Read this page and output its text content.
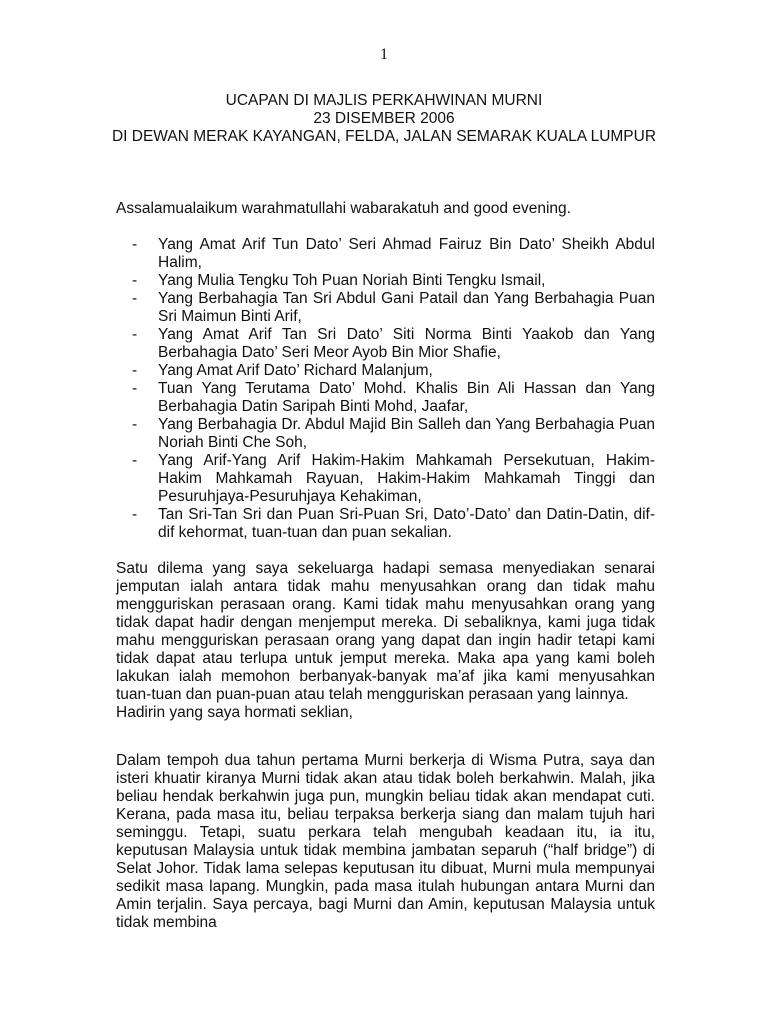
1
UCAPAN DI MAJLIS PERKAHWINAN MURNI
23 DISEMBER 2006
DI DEWAN MERAK KAYANGAN, FELDA, JALAN SEMARAK KUALA LUMPUR
Assalamualaikum warahmatullahi wabarakatuh and good evening.
- Yang Amat Arif Tun Dato’ Seri Ahmad Fairuz Bin Dato’ Sheikh Abdul Halim,
- Yang Mulia Tengku Toh Puan Noriah Binti Tengku Ismail,
- Yang Berbahagia Tan Sri Abdul Gani Patail dan Yang Berbahagia Puan Sri Maimun Binti Arif,
- Yang Amat Arif Tan Sri Dato’ Siti Norma Binti Yaakob dan Yang Berbahagia Dato’ Seri Meor Ayob Bin Mior Shafie,
- Yang Amat Arif Dato’ Richard Malanjum,
- Tuan Yang Terutama Dato’ Mohd. Khalis Bin Ali Hassan dan Yang Berbahagia Datin Saripah Binti Mohd, Jaafar,
- Yang Berbahagia Dr. Abdul Majid Bin Salleh dan Yang Berbahagia Puan Noriah Binti Che Soh,
- Yang Arif-Yang Arif Hakim-Hakim Mahkamah Persekutuan, Hakim-Hakim Mahkamah Rayuan, Hakim-Hakim Mahkamah Tinggi dan Pesuruhjaya-Pesuruhjaya Kehakiman,
- Tan Sri-Tan Sri dan Puan Sri-Puan Sri, Dato’-Dato’ dan Datin-Datin, dif-dif kehormat, tuan-tuan dan puan sekalian.
Satu dilema yang saya sekeluarga hadapi semasa menyediakan senarai jemputan ialah antara tidak mahu menyusahkan orang dan tidak mahu mengguriskan perasaan orang. Kami tidak mahu menyusahkan orang yang tidak dapat hadir dengan menjemput mereka. Di sebaliknya, kami juga tidak mahu mengguriskan perasaan orang yang dapat dan ingin hadir tetapi kami tidak dapat atau terlupa untuk jemput mereka. Maka apa yang kami boleh lakukan ialah memohon berbanyak-banyak ma’af jika kami menyusahkan tuan-tuan dan puan-puan atau telah mengguriskan perasaan yang lainnya.
Hadirin yang saya hormati seklian,
Dalam tempoh dua tahun pertama Murni berkerja di Wisma Putra, saya dan isteri khuatir kiranya Murni tidak akan atau tidak boleh berkahwin. Malah, jika beliau hendak berkahwin juga pun, mungkin beliau tidak akan mendapat cuti. Kerana, pada masa itu, beliau terpaksa berkerja siang dan malam tujuh hari seminggu. Tetapi, suatu perkara telah mengubah keadaan itu, ia itu, keputusan Malaysia untuk tidak membina jambatan separuh (“half bridge”) di Selat Johor. Tidak lama selepas keputusan itu dibuat, Murni mula mempunyai sedikit masa lapang. Mungkin, pada masa itulah hubungan antara Murni dan Amin terjalin. Saya percaya, bagi Murni dan Amin, keputusan Malaysia untuk tidak membina
